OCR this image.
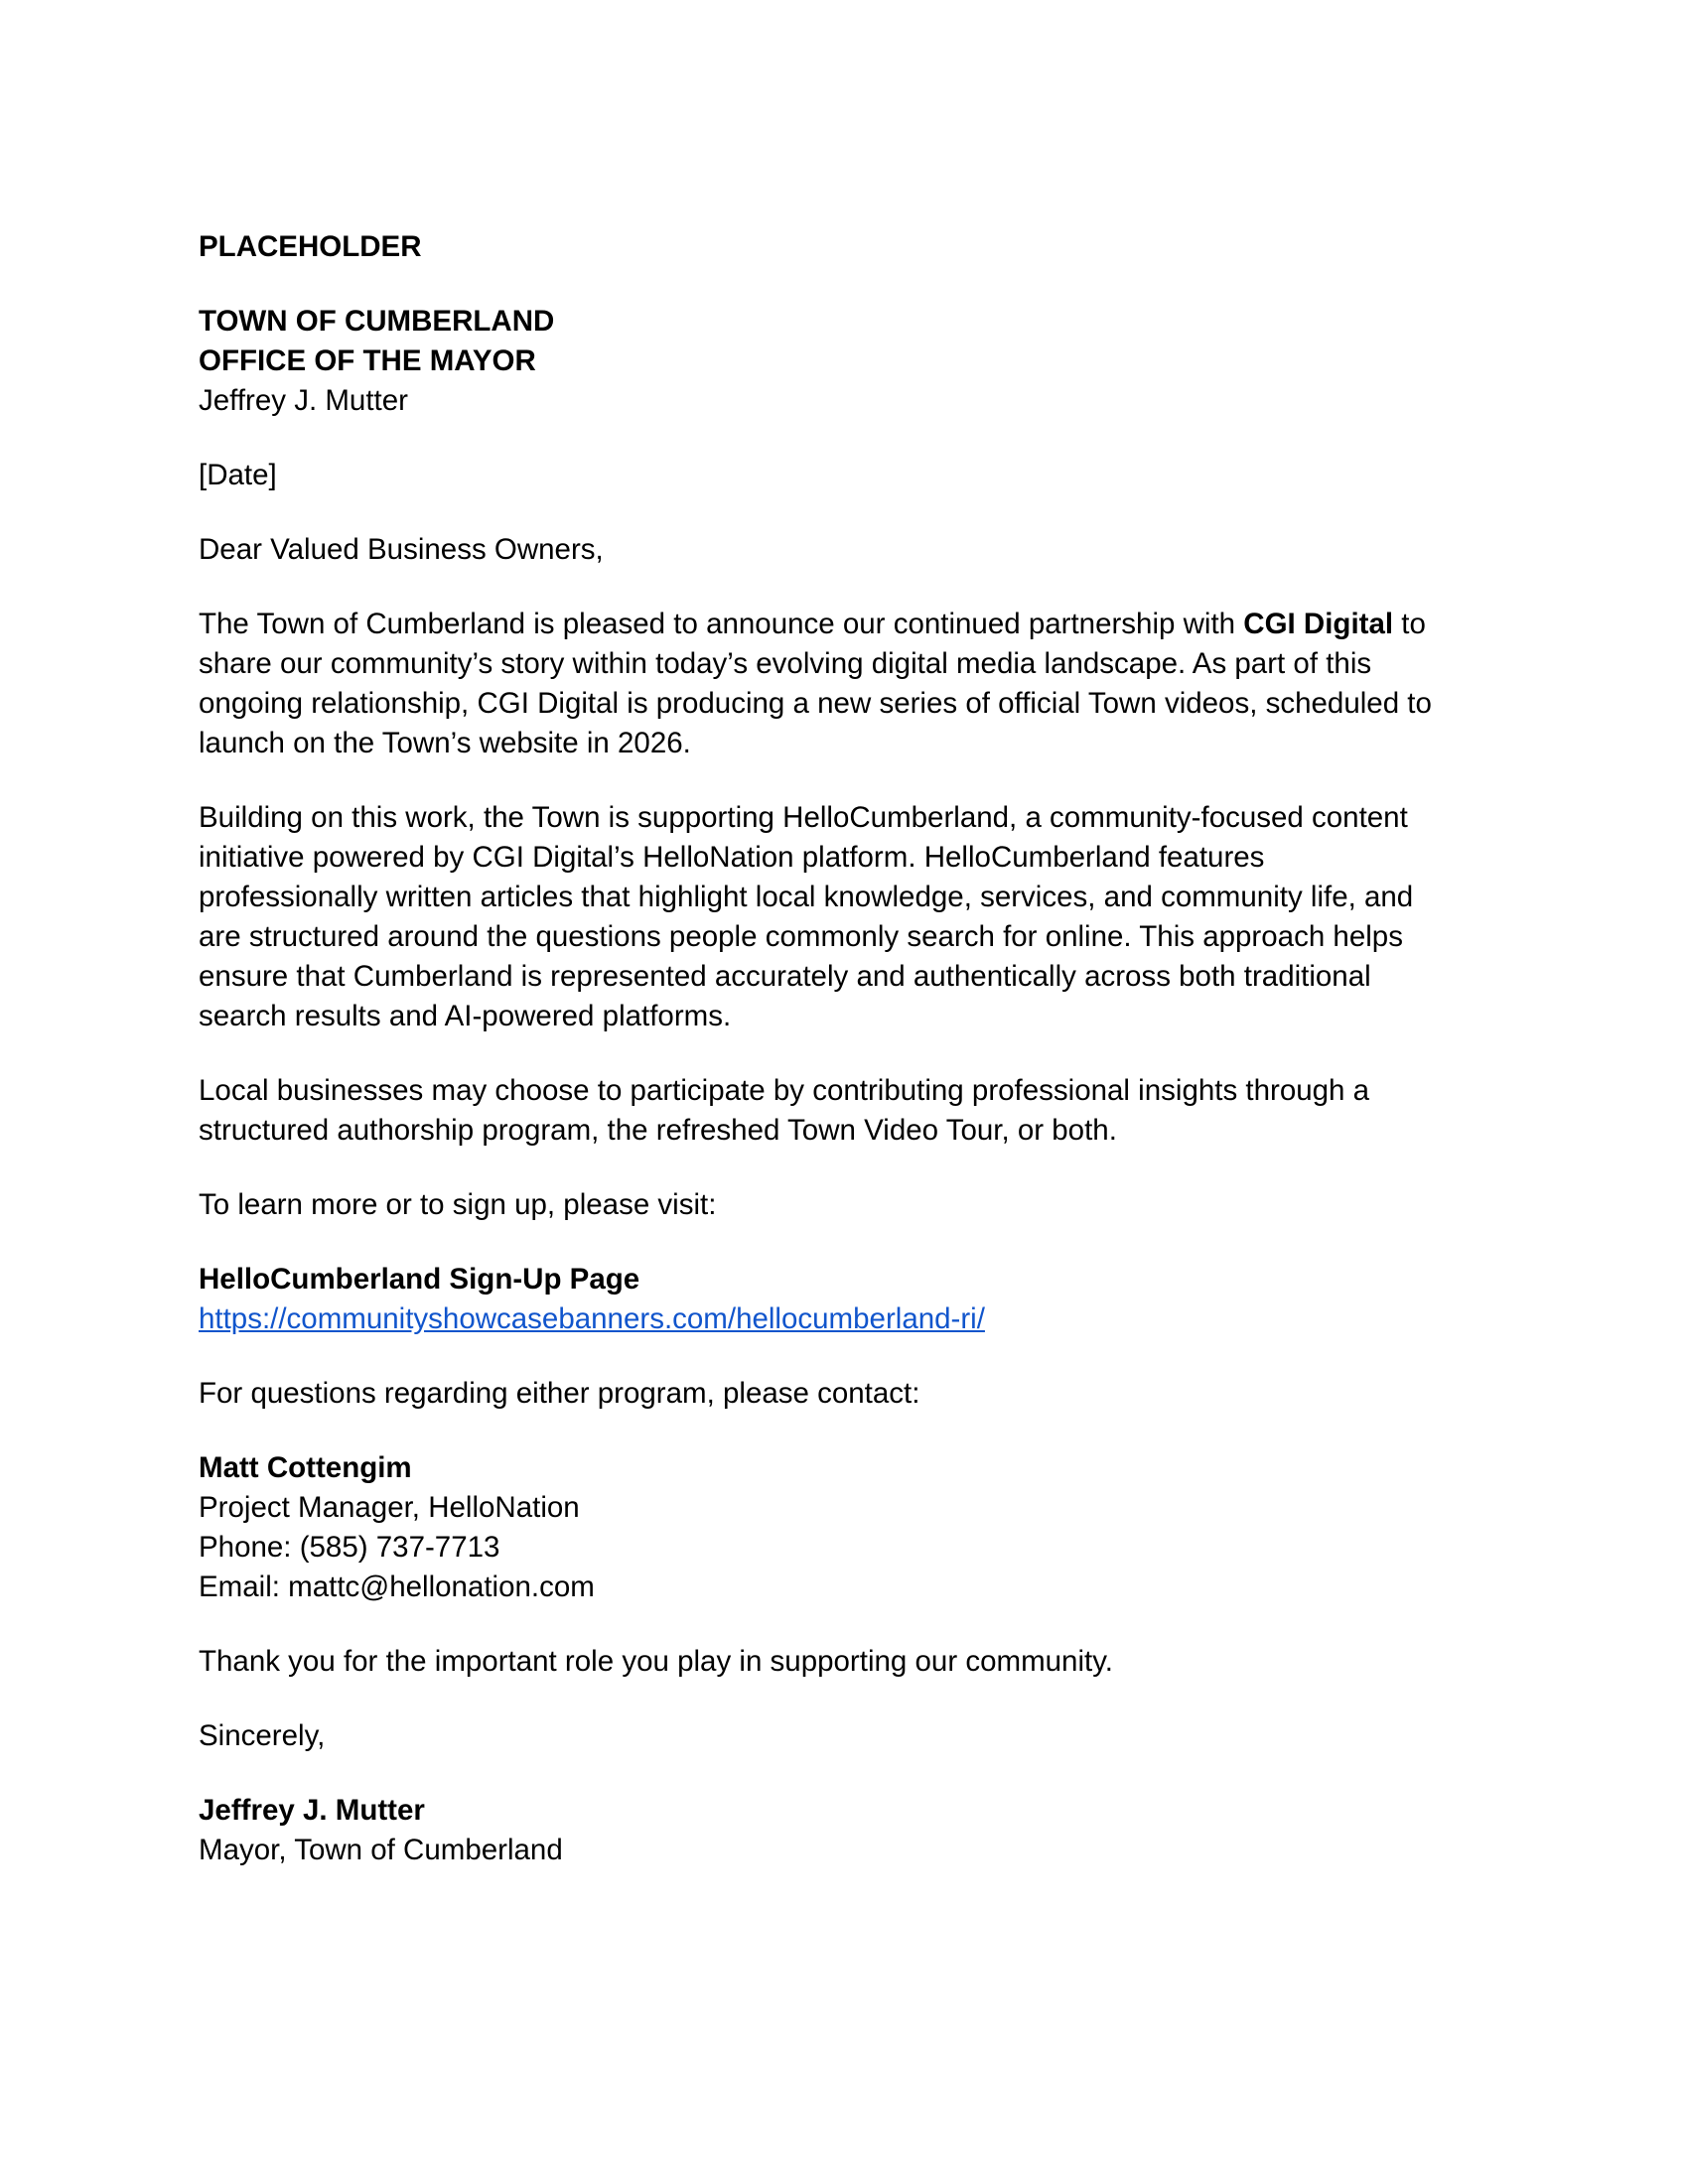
PLACEHOLDER
TOWN OF CUMBERLAND
OFFICE OF THE MAYOR
Jeffrey J. Mutter
[Date]
Dear Valued Business Owners,
The Town of Cumberland is pleased to announce our continued partnership with CGI Digital to
share our community’s story within today’s evolving digital media landscape. As part of this
ongoing relationship, CGI Digital is producing a new series of official Town videos, scheduled to
launch on the Town’s website in 2026.
Building on this work, the Town is supporting HelloCumberland, a community-focused content
initiative powered by CGI Digital’s HelloNation platform. HelloCumberland features
professionally written articles that highlight local knowledge, services, and community life, and
are structured around the questions people commonly search for online. This approach helps
ensure that Cumberland is represented accurately and authentically across both traditional
search results and AI-powered platforms.
Local businesses may choose to participate by contributing professional insights through a
structured authorship program, the refreshed Town Video Tour, or both.
To learn more or to sign up, please visit:
HelloCumberland Sign-Up Page
https://communityshowcasebanners.com/hellocumberland-ri/
For questions regarding either program, please contact:
Matt Cottengim
Project Manager, HelloNation
Phone: (585) 737-7713
Email: mattc@hellonation.com
Thank you for the important role you play in supporting our community.
Sincerely,
Jeffrey J. Mutter
Mayor, Town of Cumberland
